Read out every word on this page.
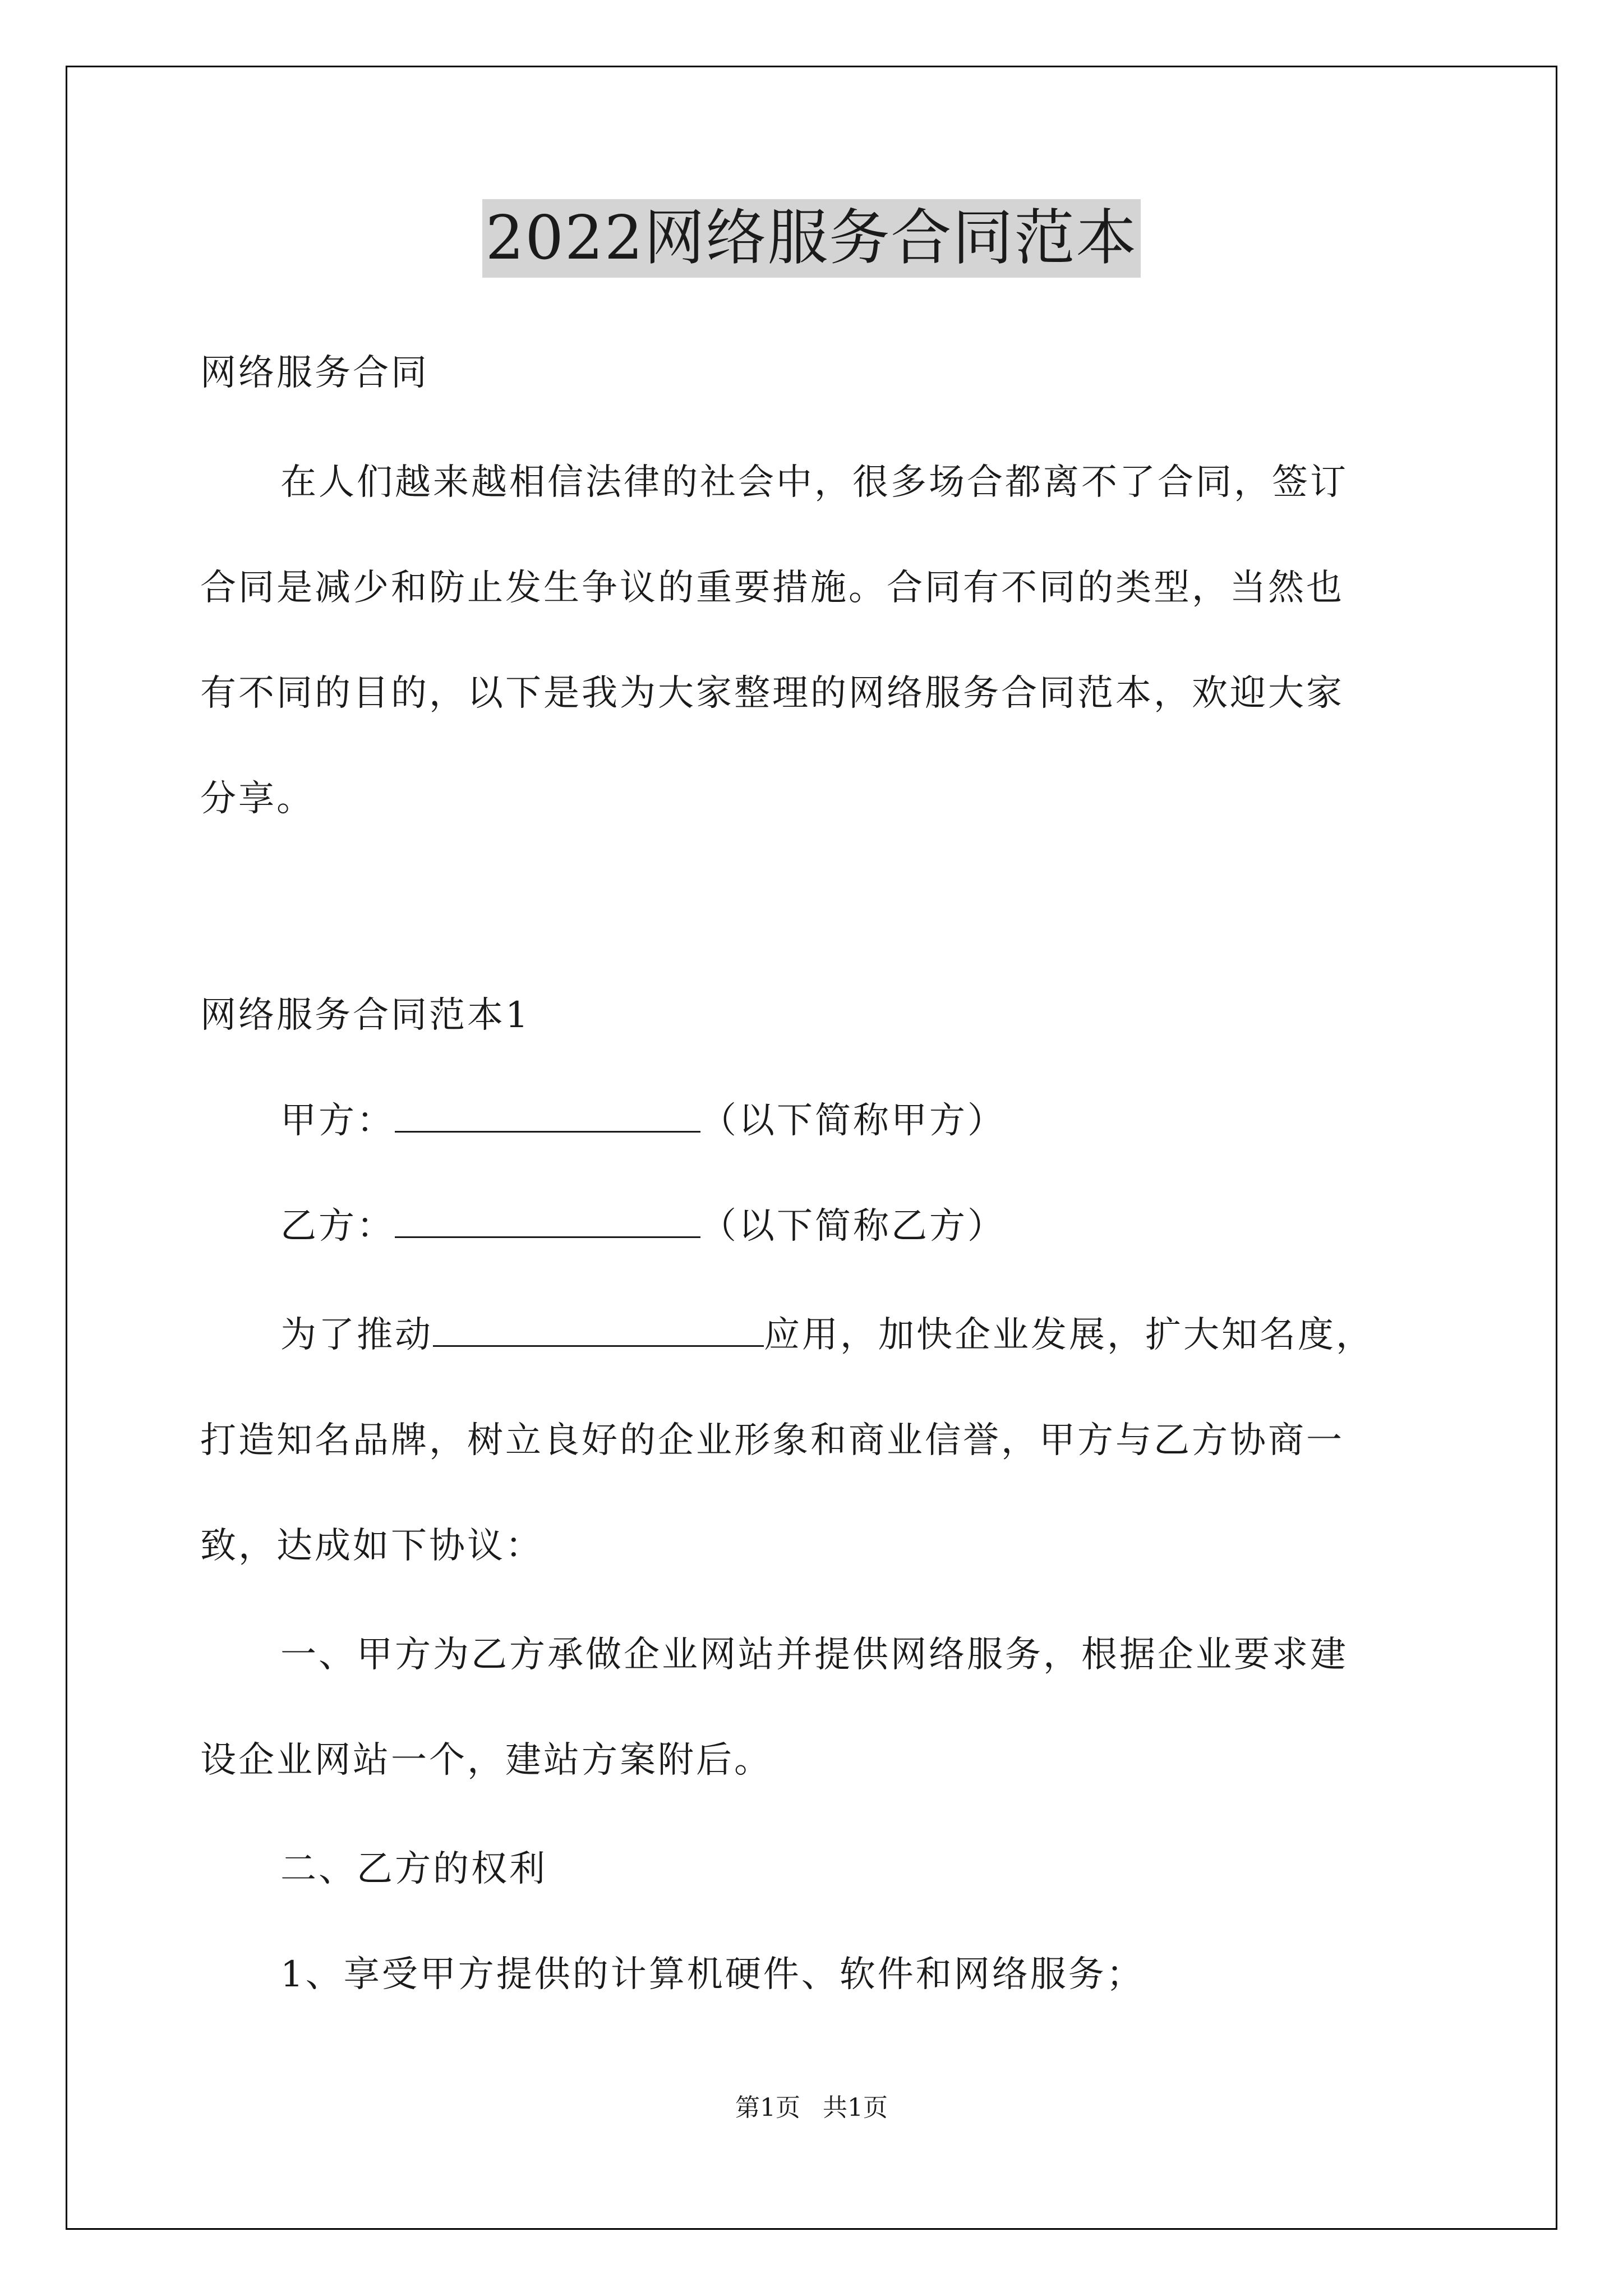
2022网络服务合同范本
网络服务合同
在人们越来越相信法律的社会中，很多场合都离不了合同，签订
合同是减少和防止发生争议的重要措施。合同有不同的类型，当然也
有不同的目的，以下是我为大家整理的网络服务合同范本，欢迎大家
分享。
网络服务合同范本1
甲方：	（以下简称甲方）
乙方：	（以下简称乙方）
为了推动	应用，加快企业发展，扩大知名度，
打造知名品牌，树立良好的企业形象和商业信誉，甲方与乙方协商一
致，达成如下协议：
一、甲方为乙方承做企业网站并提供网络服务，根据企业要求建
设企业网站一个，建站方案附后。
二、乙方的权利
1、享受甲方提供的计算机硬件、软件和网络服务；
第1页 共1页
